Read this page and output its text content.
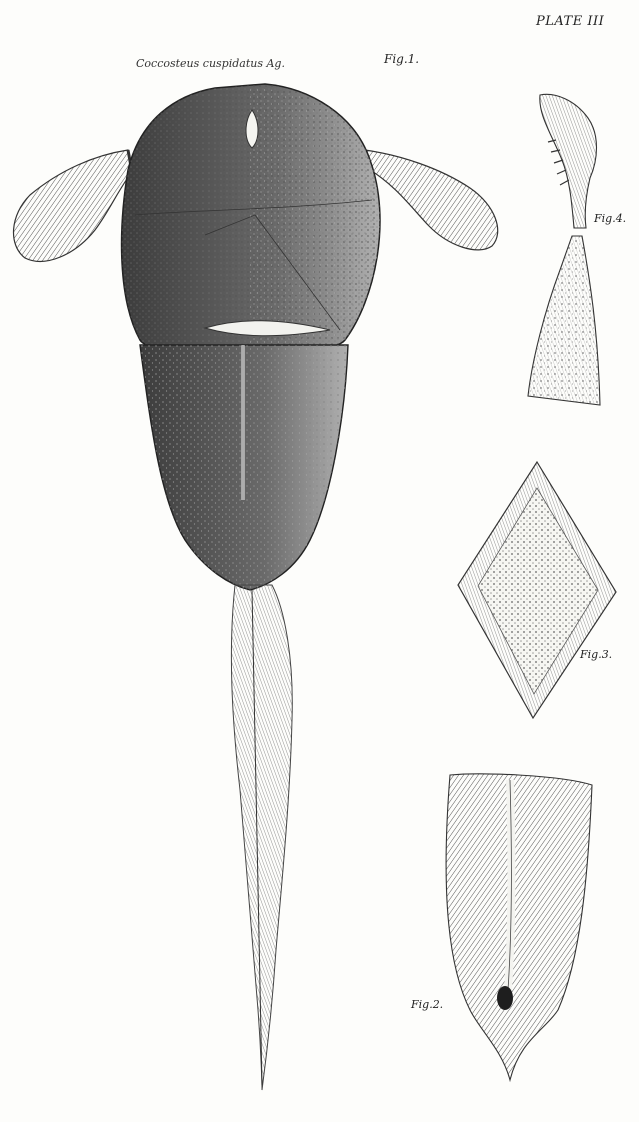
PLATE III
Coccosteus cuspidatus Ag.	Fig.1.
Fig.4.
Fig.3.
Fig.2.
